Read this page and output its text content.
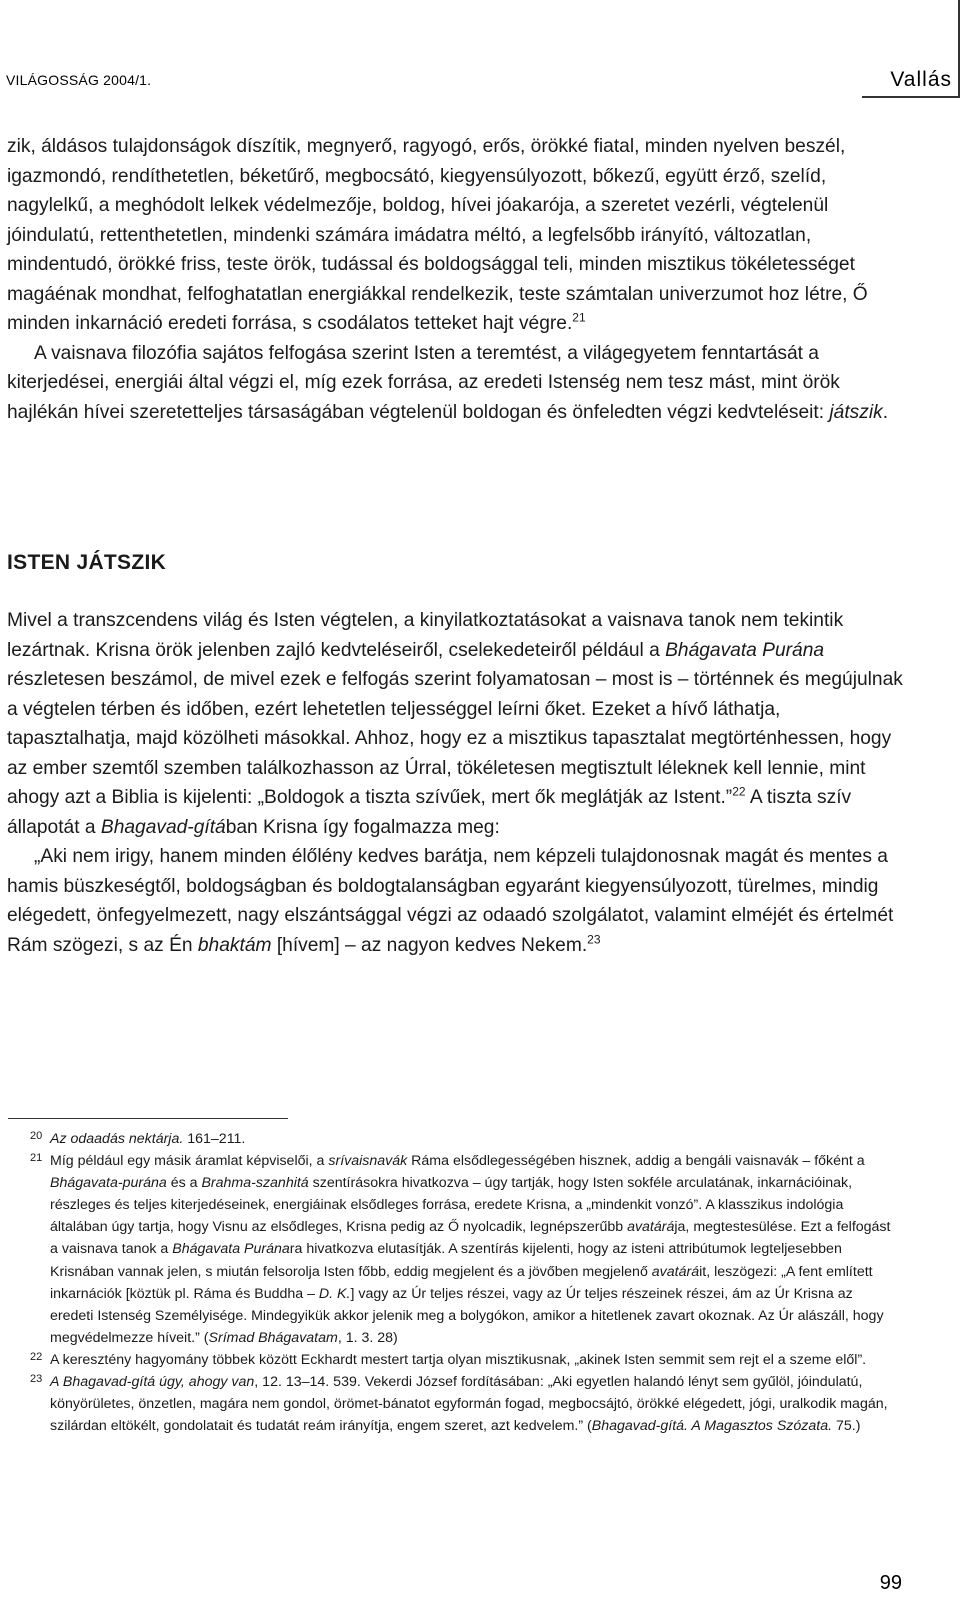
VILÁGOSSÁG 2004/1.	Vallás

zik, áldásos tulajdonságok díszítik, megnyerő, ragyogó, erős, örökké fiatal, minden nyelven beszél, igazmondó, rendíthetetlen, béketűrő, megbocsátó, kiegyensúlyozott, bőkezű, együtt érző, szelíd, nagylelkű, a meghódolt lelkek védelmezője, boldog, hívei jóakarója, a szeretet vezérli, végtelenül jóindulatú, rettenthetetlen, mindenki számára imádatra méltó, a legfelsőbb irányító, változatlan, mindentudó, örökké friss, teste örök, tudással és boldogsággal teli, minden misztikus tökéletességet magáénak mondhat, felfoghatatlan energiákkal rendelkezik, teste számtalan univerzumot hoz létre, Ő minden inkarnáció eredeti forrása, s csodálatos tetteket hajt végre.$^{21}$

A vaisnava filozófia sajátos felfogása szerint Isten a teremtést, a világegyetem fenntartását a kiterjedései, energiái által végzi el, míg ezek forrása, az eredeti Istenség nem tesz mást, mint örök hajlékán hívei szeretetteljes társaságában végtelenül boldogan és önfeledten végzi kedvteléseit: játszik.

ISTEN JÁTSZIK

Mivel a transzcendens világ és Isten végtelen, a kinyilatkoztatásokat a vaisnava tanok nem tekintik lezártnak. Krisna örök jelenben zajló kedvteléseiről, cselekedeteiről például a Bhágavata Purána részletesen beszámol, de mivel ezek e felfogás szerint folyamatosan – most is – történnek és megújulnak a végtelen térben és időben, ezért lehetetlen teljességgel leírni őket. Ezeket a hívő láthatja, tapasztalhatja, majd közölheti másokkal. Ahhoz, hogy ez a misztikus tapasztalat megtörténhessen, hogy az ember szemtől szemben találkozhasson az Úrral, tökéletesen megtisztult léleknek kell lennie, mint ahogy azt a Biblia is kijelenti: „Boldogok a tiszta szívűek, mert ők meglátják az Istent.”$^{22}$ A tiszta szív állapotát a Bhagavad-gítában Krisna így fogalmazza meg:

„Aki nem irigy, hanem minden élőlény kedves barátja, nem képzeli tulajdonosnak magát és mentes a hamis büszkeségtől, boldogságban és boldogtalanságban egyaránt kiegyensúlyozott, türelmes, mindig elégedett, önfegyelmezett, nagy elszántsággal végzi az odaadó szolgálatot, valamint elméjét és értelmét Rám szögezi, s az Én bhaktám [hívem] – az nagyon kedves Nekem.$^{23}$

20 Az odaadás nektárja. 161–211.

21 Míg például egy másik áramlat képviselői, a srívaisnavák Ráma elsődlegességében hisznek, addig a bengáli vaisnavák – főként a Bhágavata-purána és a Brahma-szanhitá szentírásokra hivatkozva – úgy tartják, hogy Isten sokféle arculatának, inkarnációinak, részleges és teljes kiterjedéseinek, energiáinak elsődleges forrása, eredete Krisna, a „mindenkit vonzó”. A klasszikus indológia általában úgy tartja, hogy Visnu az elsődleges, Krisna pedig az Ő nyolcadik, legnépszerűbb avatárája, megtestesülése. Ezt a felfogást a vaisnava tanok a Bhágavata Puránara hivatkozva elutasítják. A szentírás kijelenti, hogy az isteni attribútumok legteljesebben Krisnában vannak jelen, s miután felsorolja Isten főbb, eddig megjelent és a jövőben megjelenő avatáráit, leszögezi: „A fent említett inkarnációk [köztük pl. Ráma és Buddha – D. K.] vagy az Úr teljes részei, vagy az Úr teljes részeinek részei, ám az Úr Krisna az eredeti Istenség Személyisége. Mindegyikük akkor jelenik meg a bolygókon, amikor a hitetlenek zavart okoznak. Az Úr alászáll, hogy megvédelmezze híveit.” (Srímad Bhágavatam, 1. 3. 28)

22 A keresztény hagyomány többek között Eckhardt mestert tartja olyan misztikusnak, „akinek Isten semmit sem rejt el a szeme elől”.

23 A Bhagavad-gítá úgy, ahogy van, 12. 13–14. 539. Vekerdi József fordításában: „Aki egyetlen halandó lényt sem gyűlöl, jóindulatú, könyörületes, önzetlen, magára nem gondol, örömet-bánatot egyformán fogad, megbocsájtó, örökké elégedett, jógi, uralkodik magán, szilárdan eltökélt, gondolatait és tudatát reám irányítja, engem szeret, azt kedvelem.” (Bhagavad-gítá. A Magasztos Szózata. 75.)

99
